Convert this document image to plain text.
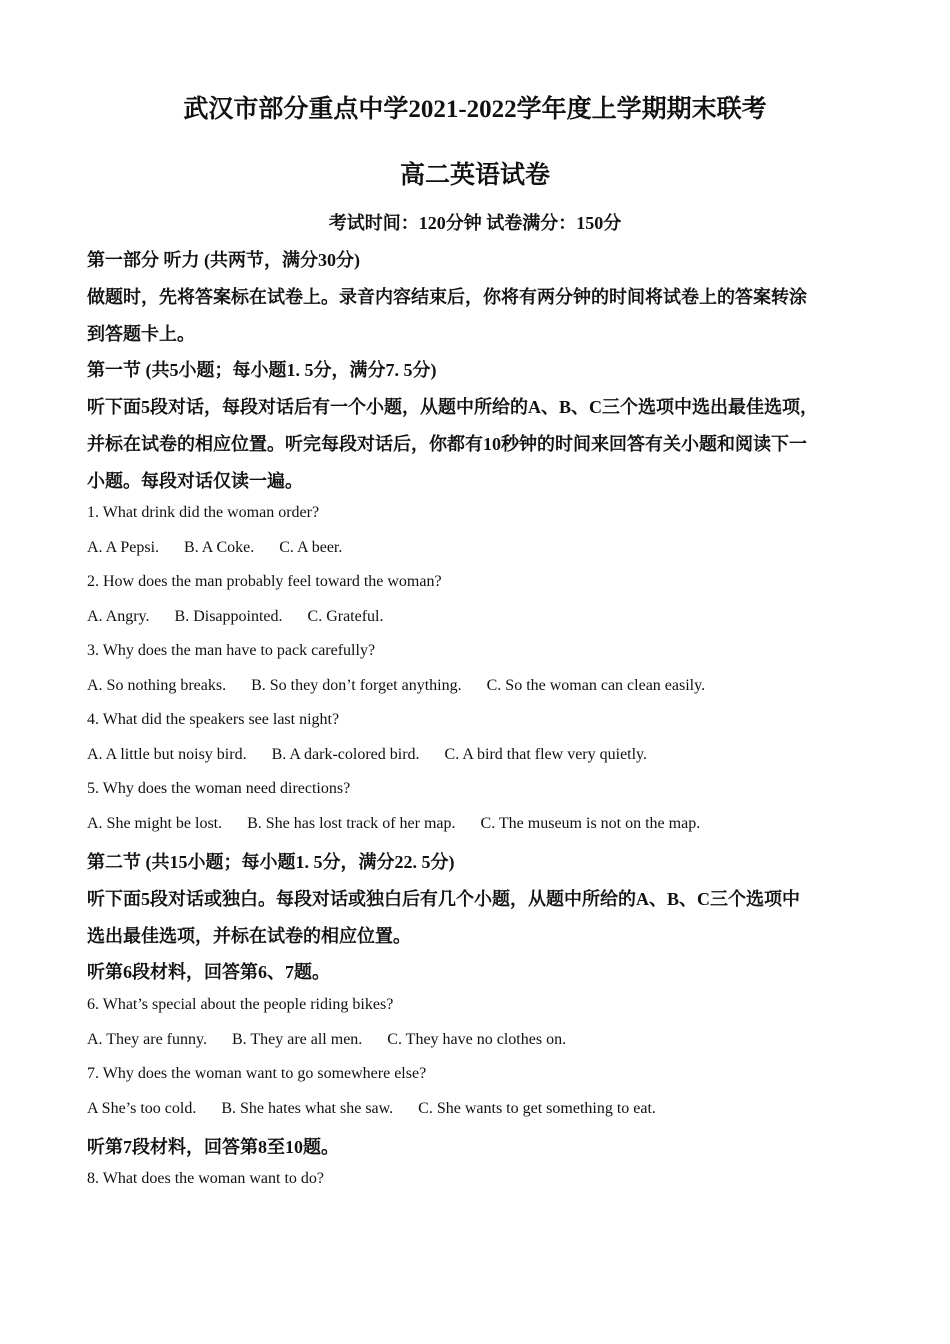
武汉市部分重点中学2021-2022学年度上学期期末联考
高二英语试卷
考试时间：120分钟 试卷满分：150分
第一部分 听力 (共两节，满分30分)
做题时，先将答案标在试卷上。录音内容结束后，你将有两分钟的时间将试卷上的答案转涂
到答题卡上。
第一节 (共5小题；每小题1. 5分，满分7. 5分)
听下面5段对话，每段对话后有一个小题，从题中所给的A、B、C三个选项中选出最佳选项，
并标在试卷的相应位置。听完每段对话后，你都有10秒钟的时间来回答有关小题和阅读下一
小题。每段对话仅读一遍。
1. What drink did the woman order?
A. A Pepsi. B. A Coke. C. A beer.
2. How does the man probably feel toward the woman?
A. Angry. B. Disappointed. C. Grateful.
3. Why does the man have to pack carefully?
A. So nothing breaks. B. So they don’t forget anything. C. So the woman can clean easily.
4. What did the speakers see last night?
A. A little but noisy bird. B. A dark-colored bird. C. A bird that flew very quietly.
5. Why does the woman need directions?
A. She might be lost. B. She has lost track of her map. C. The museum is not on the map.
第二节 (共15小题；每小题1. 5分，满分22. 5分)
听下面5段对话或独白。每段对话或独白后有几个小题，从题中所给的A、B、C三个选项中
选出最佳选项，并标在试卷的相应位置。
听第6段材料，回答第6、7题。
6. What’s special about the people riding bikes?
A. They are funny. B. They are all men. C. They have no clothes on.
7. Why does the woman want to go somewhere else?
A She’s too cold. B. She hates what she saw. C. She wants to get something to eat.
听第7段材料，回答第8至10题。
8. What does the woman want to do?
